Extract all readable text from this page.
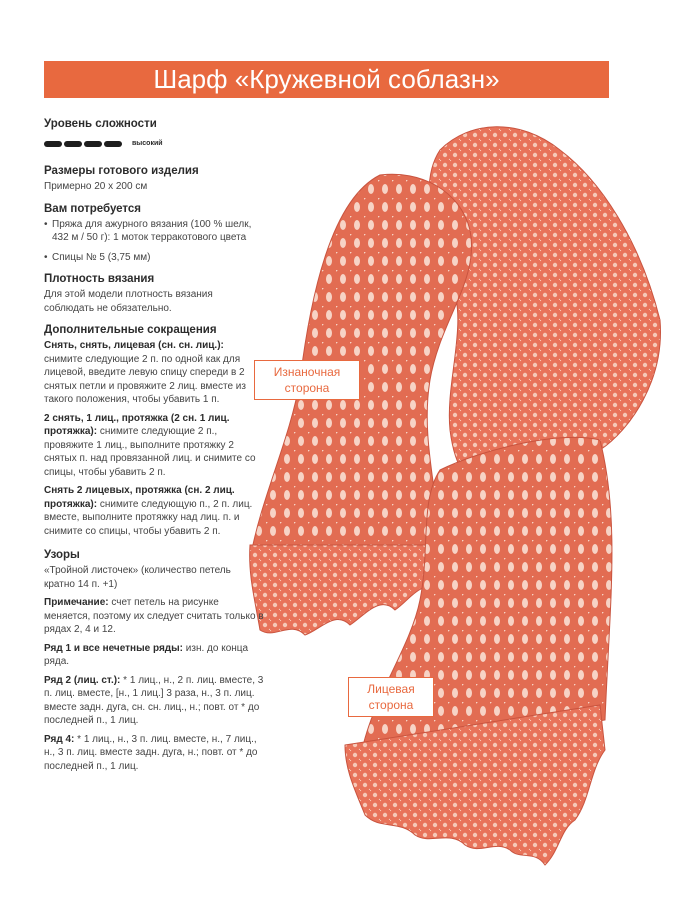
Шарф «Кружевной соблазн»

Уровень сложности

высокий

Размеры готового изделия

Примерно 20 х 200 см

Вам потребуется

• Пряжа для ажурного вязания (100 % шелк, 432 м / 50 г): 1 моток терракотового цвета
• Спицы № 5 (3,75 мм)

Плотность вязания

Для этой модели плотность вязания соблюдать не обязательно.

Дополнительные сокращения

Снять, снять, лицевая (сн. сн. лиц.): снимите следующие 2 п. по одной как для лицевой, введите левую спицу спереди в 2 снятых петли и провяжите 2 лиц. вместе из такого положения, чтобы убавить 1 п.

2 снять, 1 лиц., протяжка (2 сн. 1 лиц. протяжка): снимите следующие 2 п., провяжите 1 лиц., выполните протяжку 2 снятых п. над провязанной лиц. и снимите со спицы, чтобы убавить 2 п.

Снять 2 лицевых, протяжка (сн. 2 лиц. протяжка): снимите следующую п., 2 п. лиц. вместе, выполните протяжку над лиц. п. и снимите со спицы, чтобы убавить 2 п.

Узоры

«Тройной листочек» (количество петель кратно 14 п. +1)

Примечание: счет петель на рисунке меняется, поэтому их следует считать только в рядах 2, 4 и 12.

Ряд 1 и все нечетные ряды: изн. до конца ряда.

Ряд 2 (лиц. ст.): * 1 лиц., н., 2 п. лиц. вместе, 3 п. лиц. вместе, [н., 1 лиц.] 3 раза, н., 3 п. лиц. вместе задн. дуга, сн. сн. лиц., н.; повт. от * до последней п., 1 лиц.

Ряд 4: * 1 лиц., н., 3 п. лиц. вместе, н., 7 лиц., н., 3 п. лиц. вместе задн. дуга, н.; повт. от * до последней п., 1 лиц.

Изнаночная сторона
Лицевая сторона
